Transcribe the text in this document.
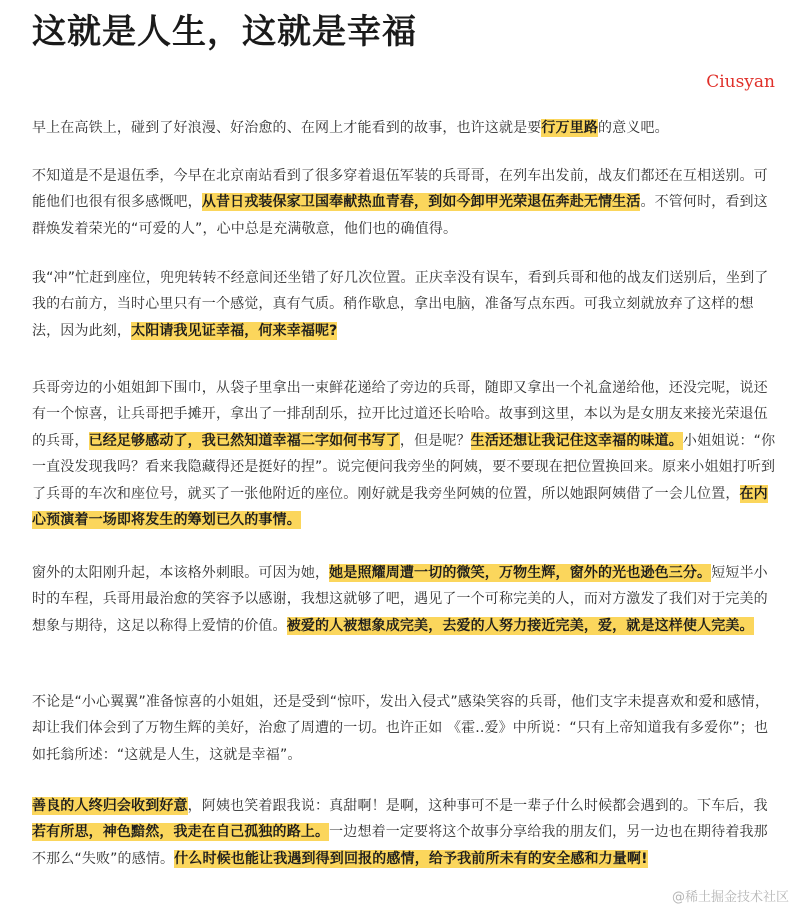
这就是人生，这就是幸福
Ciusyan

早上在高铁上，碰到了好浪漫、好治愈的、在网上才能看到的故事，也许这就是要行万里路的意义吧。

不知道是不是退伍季，今早在北京南站看到了很多穿着退伍军装的兵哥哥，在列车出发前，战友们都还在互相送别。可能他们也很有很多感慨吧，从昔日戎装保家卫国奉献热血青春，到如今卸甲光荣退伍奔赴无情生活。不管何时，看到这群焕发着荣光的“可爱的人”，心中总是充满敬意，他们也的确值得。

我“冲”忙赶到座位，兜兜转转不经意间还坐错了好几次位置。正庆幸没有误车，看到兵哥和他的战友们送别后，坐到了我的右前方，当时心里只有一个感觉，真有气质。稍作歇息，拿出电脑，准备写点东西。可我立刻就放弃了这样的想法，因为此刻，太阳请我见证幸福，何来幸福呢?

兵哥旁边的小姐姐卸下围巾，从袋子里拿出一束鲜花递给了旁边的兵哥，随即又拿出一个礼盒递给他，还没完呢，说还有一个惊喜，让兵哥把手摊开，拿出了一排刮刮乐，拉开比过道还长哈哈。故事到这里，本以为是女朋友来接光荣退伍的兵哥，已经足够感动了，我已然知道幸福二字如何书写了，但是呢？生活还想让我记住这幸福的味道。小姐姐说：“你一直没发现我吗？看来我隐藏得还是挺好的捏”。说完便问我旁坐的阿姨，要不要现在把位置换回来。原来小姐姐打听到了兵哥的车次和座位号，就买了一张他附近的座位。刚好就是我旁坐阿姨的位置，所以她跟阿姨借了一会儿位置，在内心预演着一场即将发生的筹划已久的事情。

窗外的太阳刚升起，本该格外刺眼。可因为她，她是照耀周遭一切的微笑，万物生辉，窗外的光也逊色三分。短短半小时的车程，兵哥用最治愈的笑容予以感谢，我想这就够了吧，遇见了一个可称完美的人，而对方激发了我们对于完美的想象与期待，这足以称得上爱情的价值。被爱的人被想象成完美，去爱的人努力接近完美，爱，就是这样使人完美。

不论是“小心翼翼”准备惊喜的小姐姐，还是受到“惊吓，发出入侵式”感染笑容的兵哥，他们支字未提喜欢和爱和感情，却让我们体会到了万物生辉的美好，治愈了周遭的一切。也许正如 《霍..爱》中所说：“只有上帝知道我有多爱你”；也如托翁所述：“这就是人生，这就是幸福”。

善良的人终归会收到好意，阿姨也笑着跟我说：真甜啊！是啊，这种事可不是一辈子什么时候都会遇到的。下车后，我若有所思，神色黯然，我走在自己孤独的路上。一边想着一定要将这个故事分享给我的朋友们，另一边也在期待着我那不那么“失败”的感情。什么时候也能让我遇到得到回报的感情，给予我前所未有的安全感和力量啊!

@稀土掘金技术社区
